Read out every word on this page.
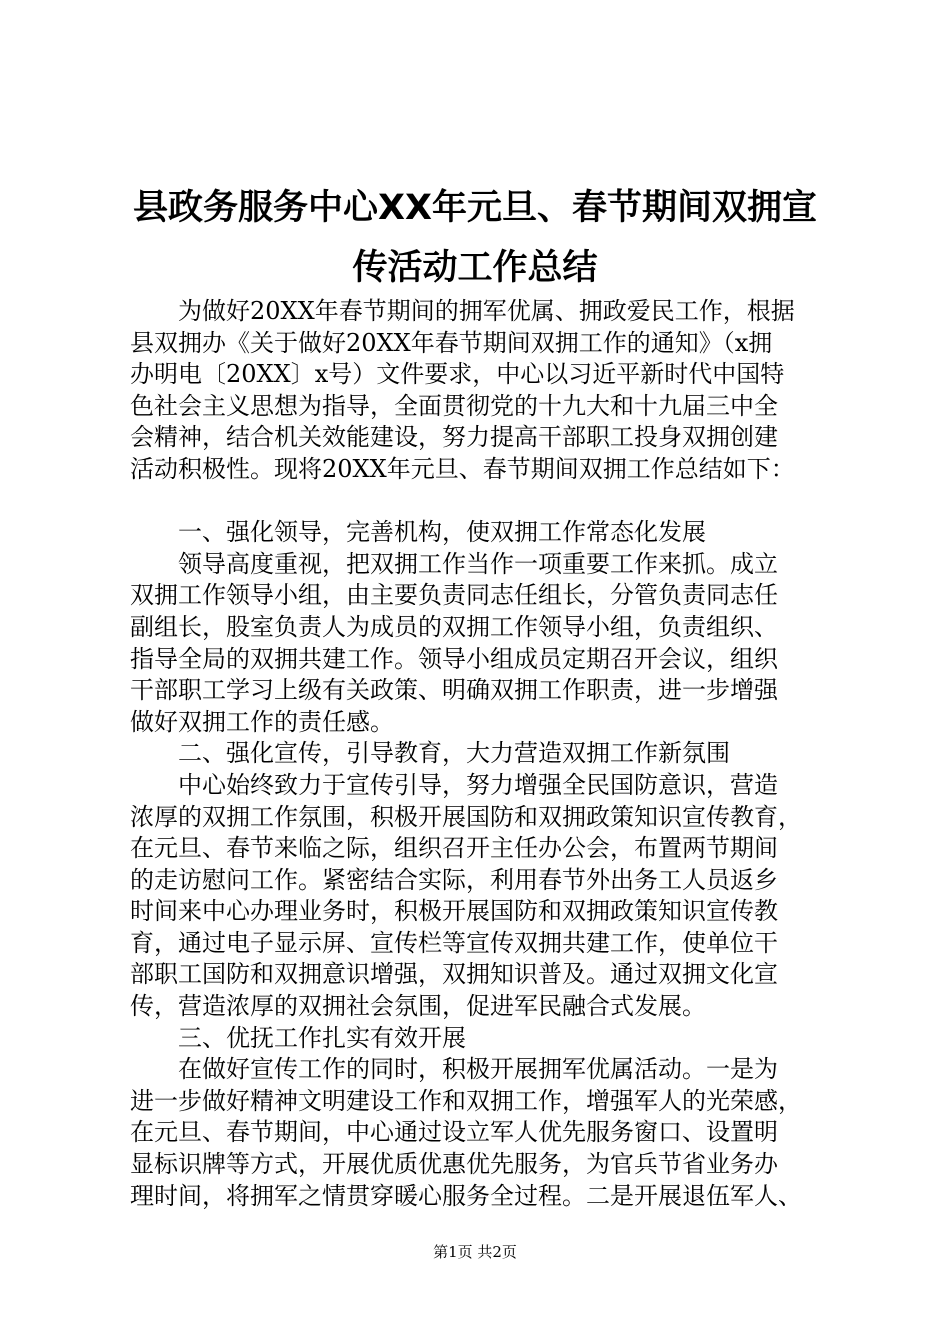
县政务服务中心XX年元旦、春节期间双拥宣
传活动工作总结
　　为做好20XX年春节期间的拥军优属、拥政爱民工作，根据
县双拥办《关于做好20XX年春节期间双拥工作的通知》（x拥
办明电〔20XX〕x号）文件要求，中心以习近平新时代中国特
色社会主义思想为指导，全面贯彻党的十九大和十九届三中全
会精神，结合机关效能建设，努力提高干部职工投身双拥创建
活动积极性。现将20XX年元旦、春节期间双拥工作总结如下：
　　一、强化领导，完善机构，使双拥工作常态化发展
　　领导高度重视，把双拥工作当作一项重要工作来抓。成立
双拥工作领导小组，由主要负责同志任组长，分管负责同志任
副组长，股室负责人为成员的双拥工作领导小组，负责组织、
指导全局的双拥共建工作。领导小组成员定期召开会议，组织
干部职工学习上级有关政策、明确双拥工作职责，进一步增强
做好双拥工作的责任感。
　　二、强化宣传，引导教育，大力营造双拥工作新氛围
　　中心始终致力于宣传引导，努力增强全民国防意识，营造
浓厚的双拥工作氛围，积极开展国防和双拥政策知识宣传教育，
在元旦、春节来临之际，组织召开主任办公会，布置两节期间
的走访慰问工作。紧密结合实际，利用春节外出务工人员返乡
时间来中心办理业务时，积极开展国防和双拥政策知识宣传教
育，通过电子显示屏、宣传栏等宣传双拥共建工作，使单位干
部职工国防和双拥意识增强，双拥知识普及。通过双拥文化宣
传，营造浓厚的双拥社会氛围，促进军民融合式发展。
　　三、优抚工作扎实有效开展
　　在做好宣传工作的同时，积极开展拥军优属活动。一是为
进一步做好精神文明建设工作和双拥工作，增强军人的光荣感，
在元旦、春节期间，中心通过设立军人优先服务窗口、设置明
显标识牌等方式，开展优质优惠优先服务，为官兵节省业务办
理时间，将拥军之情贯穿暖心服务全过程。二是开展退伍军人、
第1页 共2页
